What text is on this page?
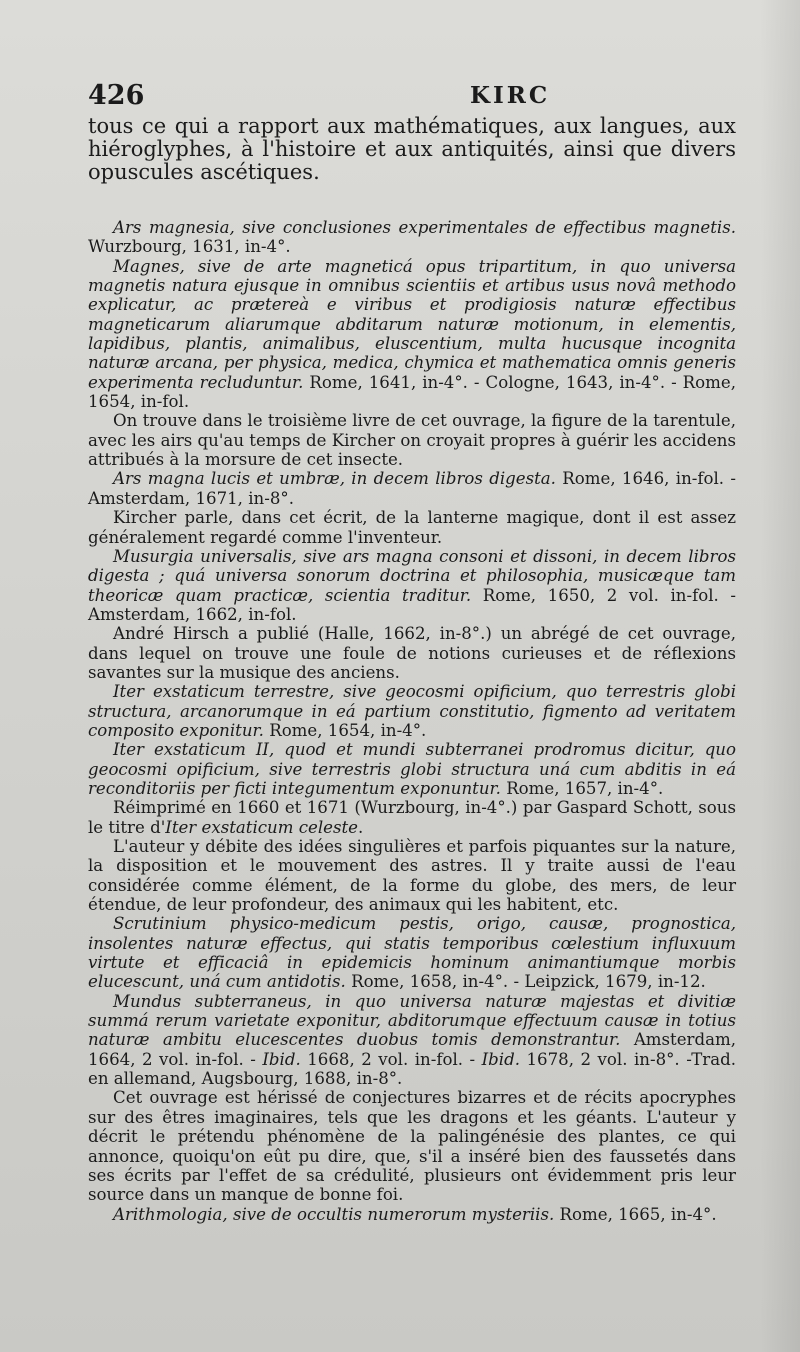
426	KIRC

tous ce qui a rapport aux mathématiques, aux langues, aux hiéroglyphes, à l'histoire et aux antiquités, ainsi que divers opuscules ascétiques.

Ars magnesia, sive conclusiones experimentales de effectibus magnetis. Wurzbourg, 1631, in-4°.

Magnes, sive de arte magneticá opus tripartitum, in quo universa magnetis natura ejusque in omnibus scientiis et artibus usus novâ methodo explicatur, ac prætereà e viribus et prodigiosis naturæ effectibus magneticarum aliarumque abditarum naturæ motionum, in elementis, lapidibus, plantis, animalibus, eluscentium, multa hucusque incognita naturæ arcana, per physica, medica, chymica et mathematica omnis generis experimenta recluduntur. Rome, 1641, in-4°. - Cologne, 1643, in-4°. - Rome, 1654, in-fol.

On trouve dans le troisième livre de cet ouvrage, la figure de la tarentule, avec les airs qu'au temps de Kircher on croyait propres à guérir les accidens attribués à la morsure de cet insecte.

Ars magna lucis et umbræ, in decem libros digesta. Rome, 1646, in-fol. - Amsterdam, 1671, in-8°.

Kircher parle, dans cet écrit, de la lanterne magique, dont il est assez généralement regardé comme l'inventeur.

Musurgia universalis, sive ars magna consoni et dissoni, in decem libros digesta ; quá universa sonorum doctrina et philosophia, musicæque tam theoricæ quam practicæ, scientia traditur. Rome, 1650, 2 vol. in-fol. - Amsterdam, 1662, in-fol.

André Hirsch a publié (Halle, 1662, in-8°.) un abrégé de cet ouvrage, dans lequel on trouve une foule de notions curieuses et de réflexions savantes sur la musique des anciens.

Iter exstaticum terrestre, sive geocosmi opificium, quo terrestris globi structura, arcanorumque in eá partium constitutio, figmento ad veritatem composito exponitur. Rome, 1654, in-4°.

Iter exstaticum II, quod et mundi subterranei prodromus dicitur, quo geocosmi opificium, sive terrestris globi structura uná cum abditis in eá reconditoriis per ficti integumentum exponuntur. Rome, 1657, in-4°.

Réimprimé en 1660 et 1671 (Wurzbourg, in-4°.) par Gaspard Schott, sous le titre d'Iter exstaticum celeste.

L'auteur y débite des idées singulières et parfois piquantes sur la nature, la disposition et le mouvement des astres. Il y traite aussi de l'eau considérée comme élément, de la forme du globe, des mers, de leur étendue, de leur profondeur, des animaux qui les habitent, etc.

Scrutinium physico-medicum pestis, origo, causæ, prognostica, insolentes naturæ effectus, qui statis temporibus cœlestium influxuum virtute et efficaciâ in epidemicis hominum animantiumque morbis elucescunt, uná cum antidotis. Rome, 1658, in-4°. - Leipzick, 1679, in-12.

Mundus subterraneus, in quo universa naturæ majestas et divitiæ summá rerum varietate exponitur, abditorumque effectuum causæ in totius naturæ ambitu elucescentes duobus tomis demonstrantur. Amsterdam, 1664, 2 vol. in-fol. - Ibid. 1668, 2 vol. in-fol. - Ibid. 1678, 2 vol. in-8°. -Trad. en allemand, Augsbourg, 1688, in-8°.

Cet ouvrage est hérissé de conjectures bizarres et de récits apocryphes sur des êtres imaginaires, tels que les dragons et les géants. L'auteur y décrit le prétendu phénomène de la palingénésie des plantes, ce qui annonce, quoiqu'on eût pu dire, que, s'il a inséré bien des faussetés dans ses écrits par l'effet de sa crédulité, plusieurs ont évidemment pris leur source dans un manque de bonne foi.

Arithmologia, sive de occultis numerorum mysteriis. Rome, 1665, in-4°.
